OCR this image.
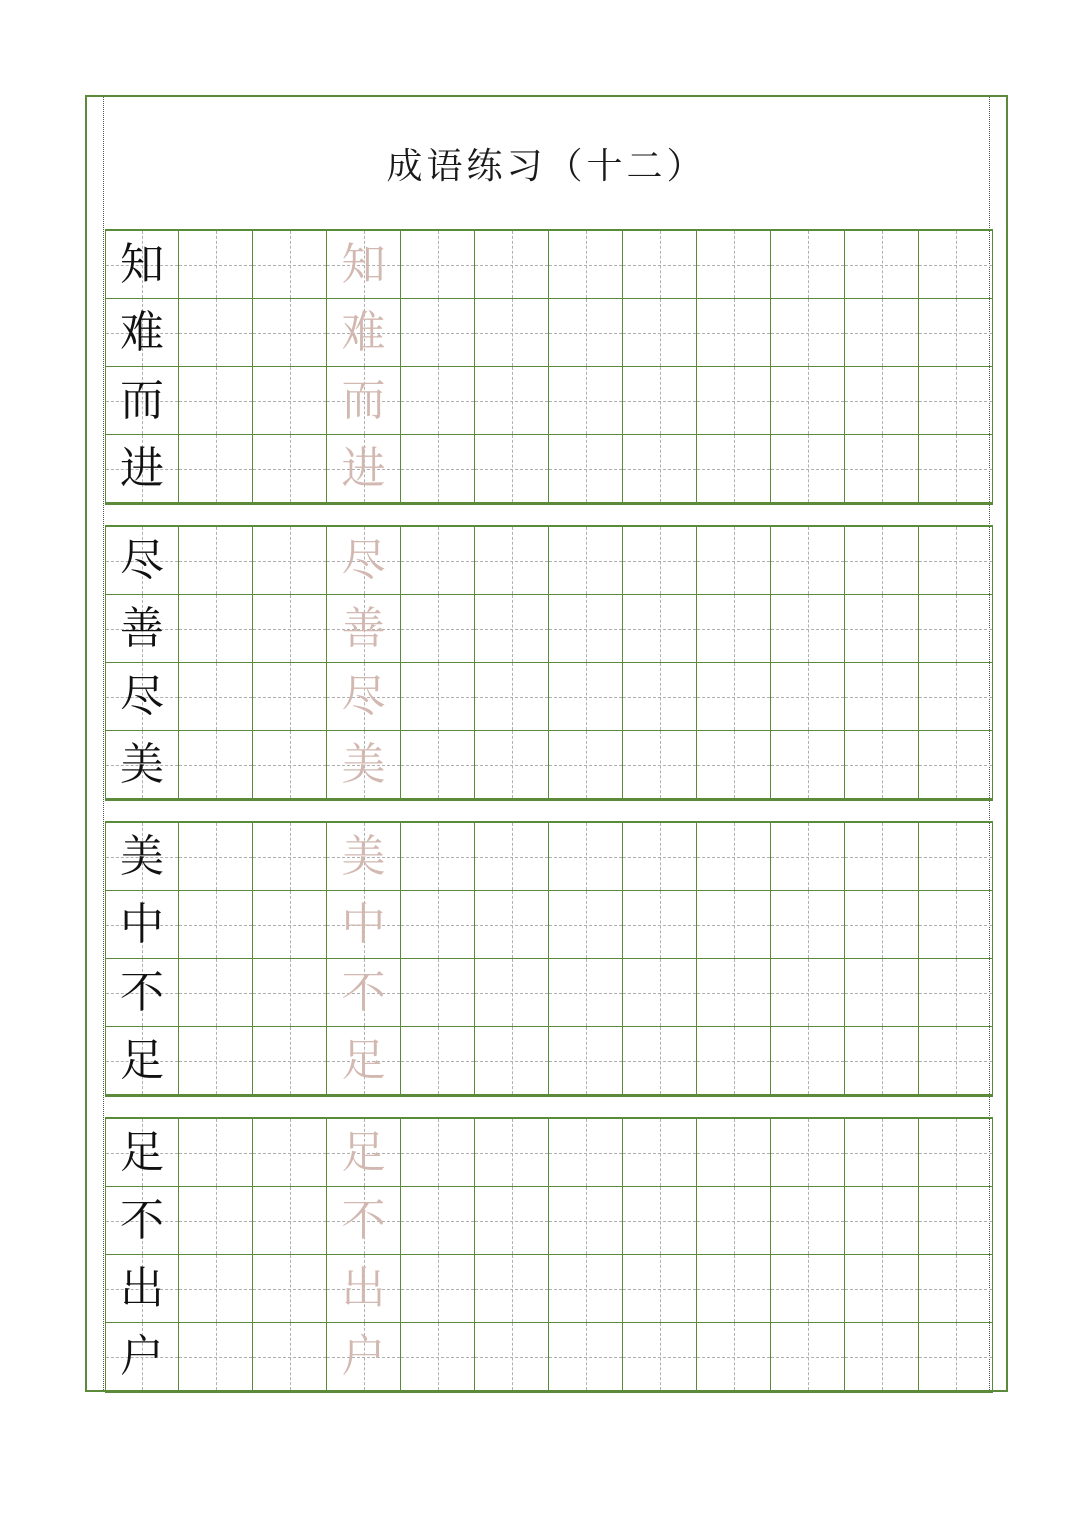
成语练习（十二）
知	知
难	难
而	而
进	进
尽	尽
善	善
尽	尽
美	美
美	美
中	中
不	不
足	足
足	足
不	不
出	出
户	户
